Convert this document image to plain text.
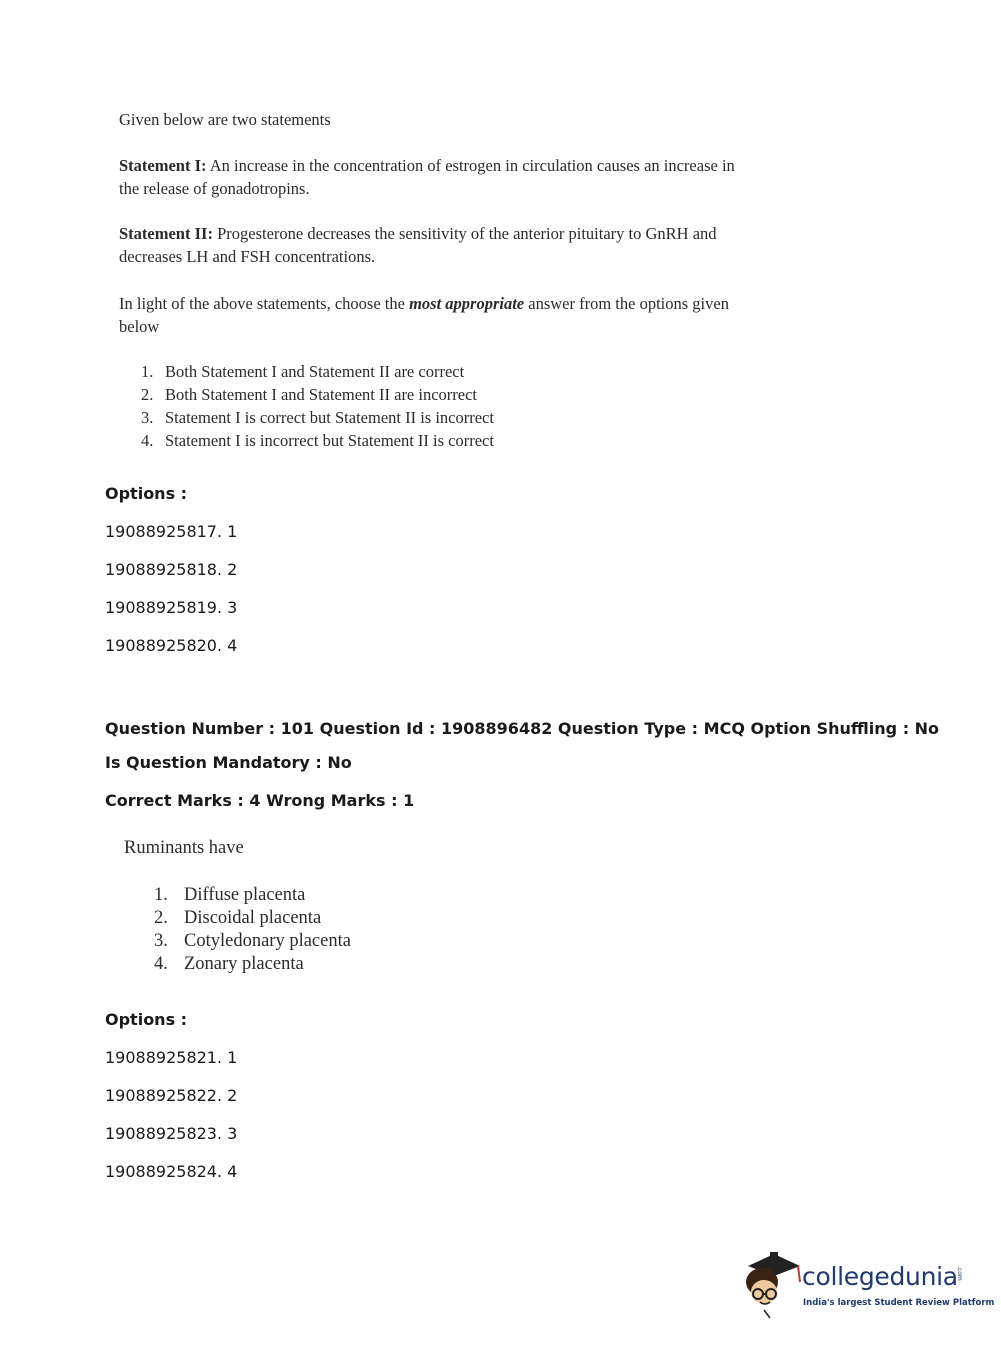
Given below are two statements

Statement I: An increase in the concentration of estrogen in circulation causes an increase in the release of gonadotropins.

Statement II: Progesterone decreases the sensitivity of the anterior pituitary to GnRH and decreases LH and FSH concentrations.

In light of the above statements, choose the most appropriate answer from the options given below

1. Both Statement I and Statement II are correct
2. Both Statement I and Statement II are incorrect
3. Statement I is correct but Statement II is incorrect
4. Statement I is incorrect but Statement II is correct
Options :
19088925817. 1
19088925818. 2
19088925819. 3
19088925820. 4
Question Number : 101 Question Id : 1908896482 Question Type : MCQ Option Shuffling : No
Is Question Mandatory : No
Correct Marks : 4 Wrong Marks : 1
Ruminants have
1. Diffuse placenta
2. Discoidal placenta
3. Cotyledonary placenta
4. Zonary placenta
Options :
19088925821. 1
19088925822. 2
19088925823. 3
19088925824. 4
collegedunia
.com
India's largest Student Review Platform
